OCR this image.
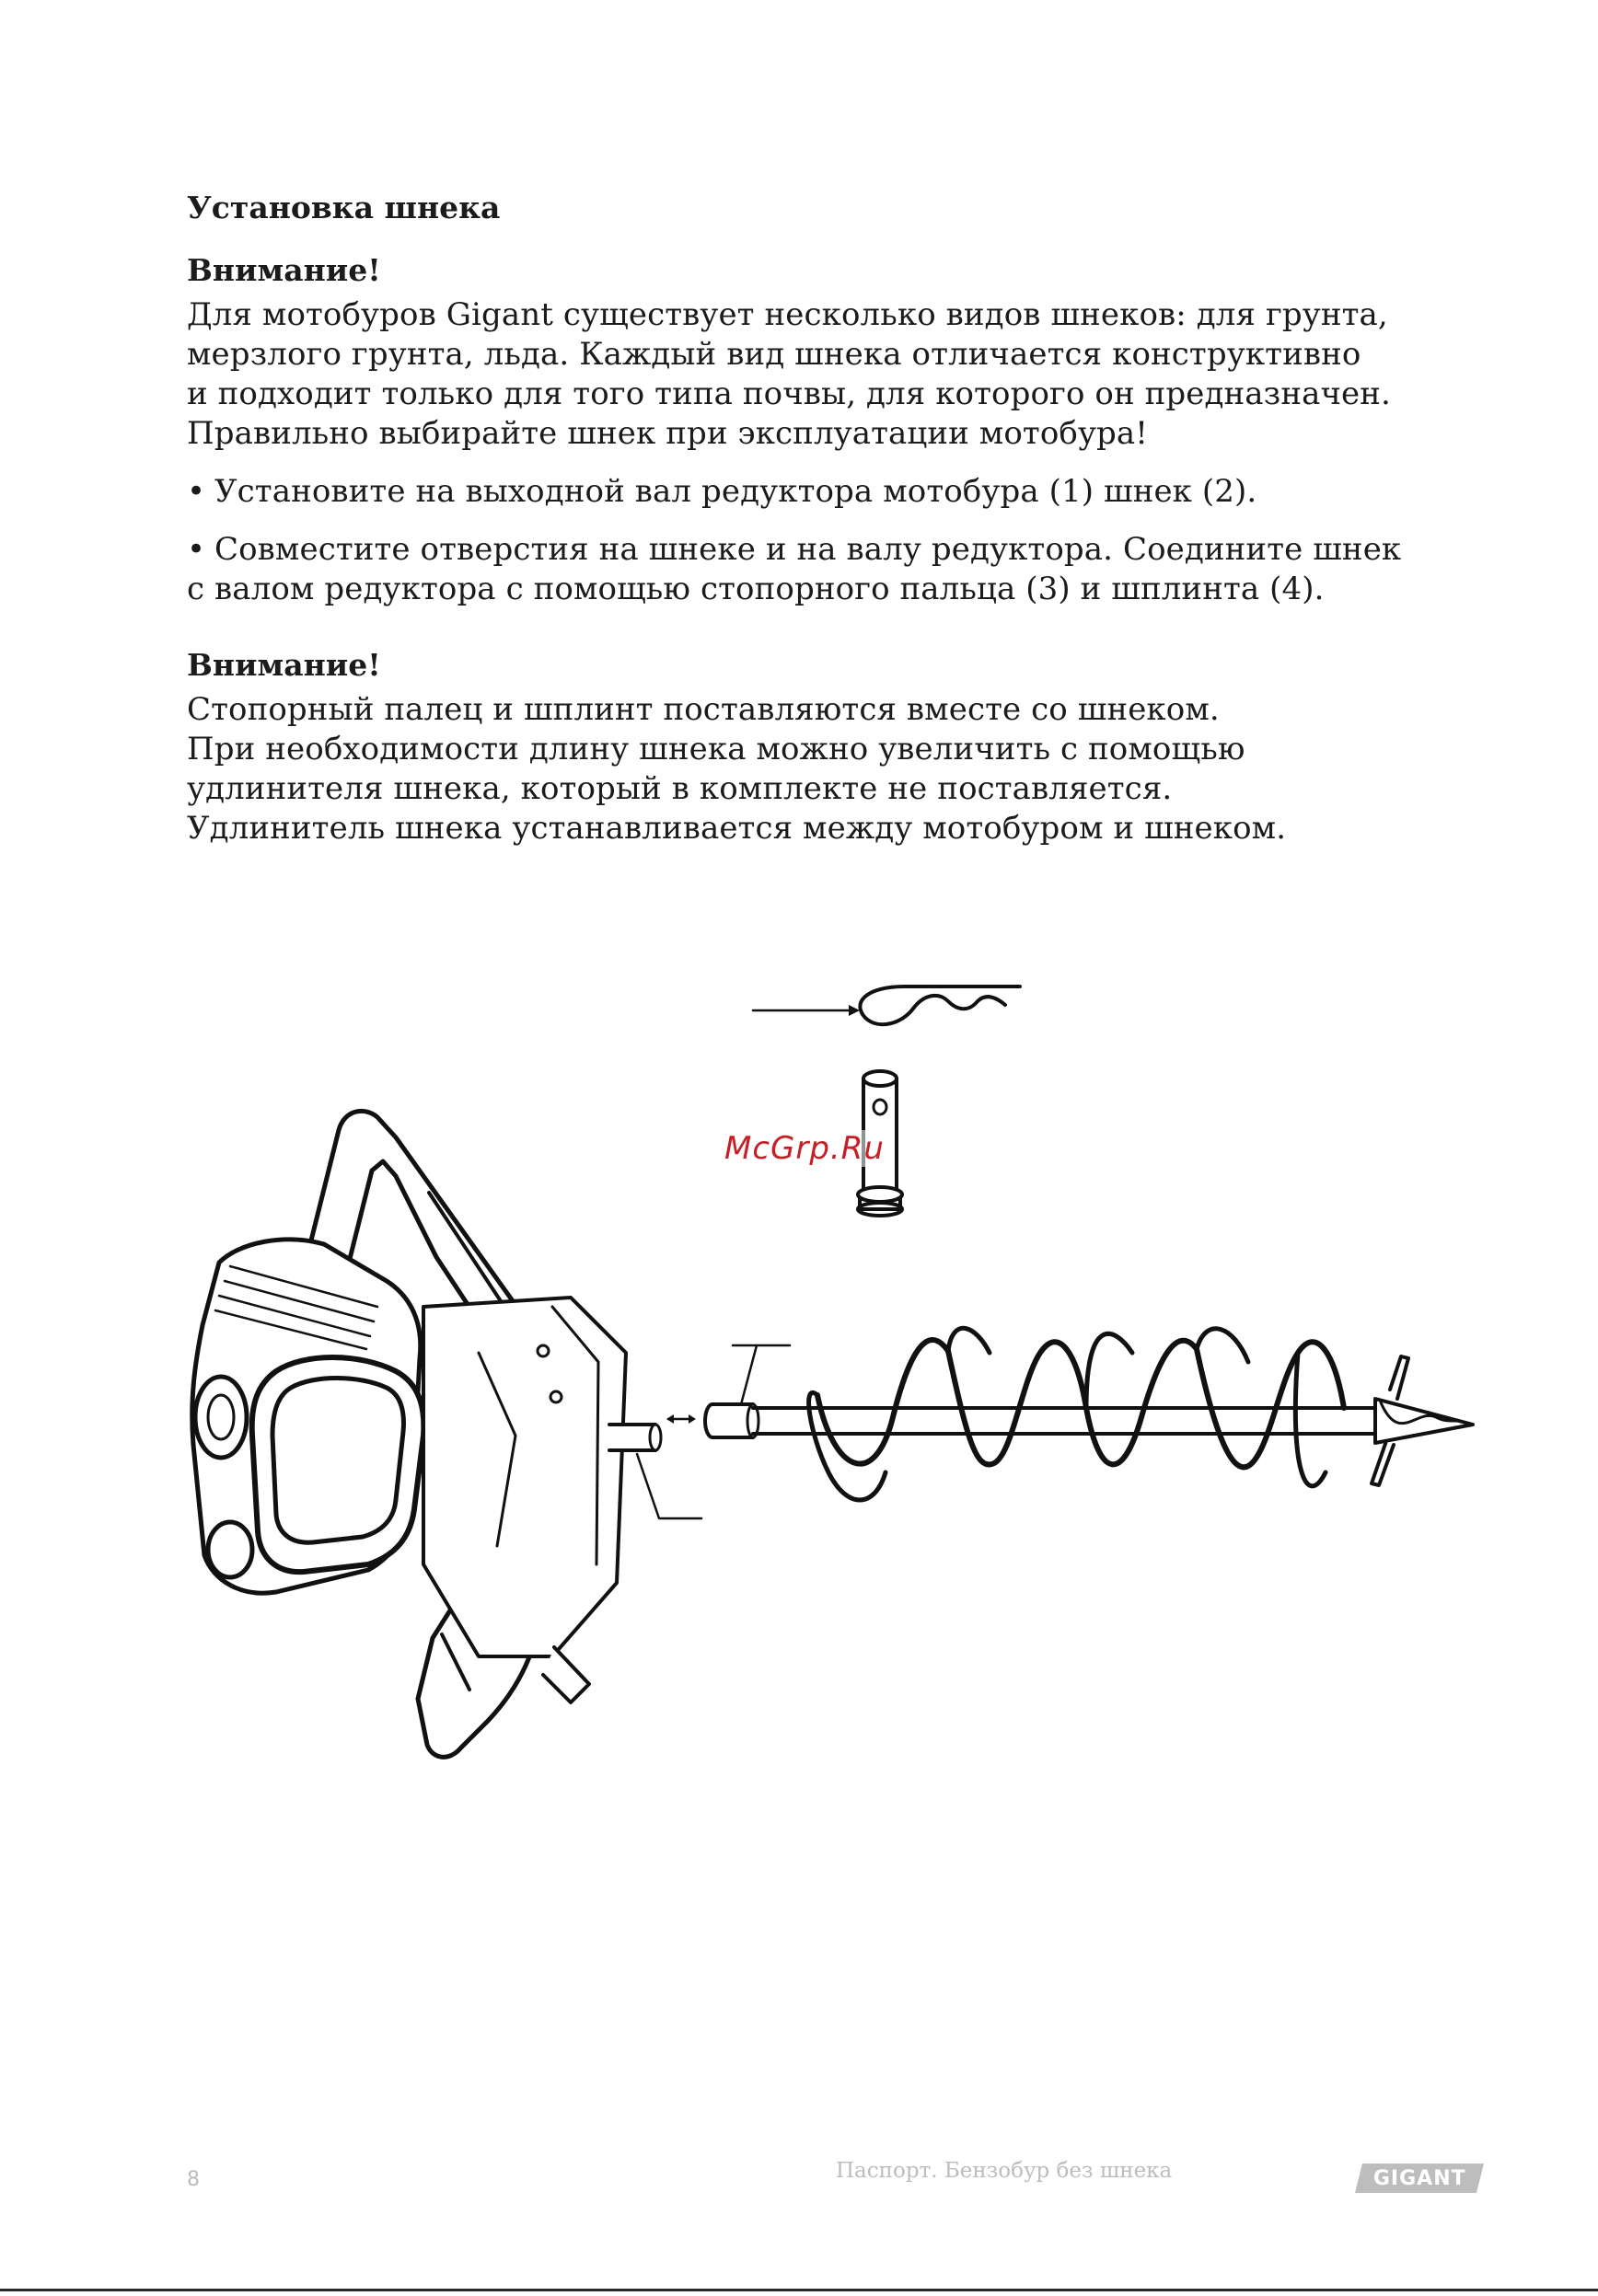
Установка шнека

Внимание!

Для мотобуров Gigant существует несколько видов шнеков: для грунта,

мерзлого грунта, льда. Каждый вид шнека отличается конструктивно

и подходит только для того типа почвы, для которого он предназначен.

Правильно выбирайте шнек при эксплуатации мотобура!

• Установите на выходной вал редуктора мотобура (1) шнек (2).

• Совместите отверстия на шнеке и на валу редуктора. Соедините шнек

с валом редуктора с помощью стопорного пальца (3) и шплинта (4).

Внимание!

Стопорный палец и шплинт поставляются вместе со шнеком.

При необходимости длину шнека можно увеличить с помощью

удлинителя шнека, который в комплекте не поставляется.

Удлинитель шнека устанавливается между мотобуром и шнеком.

McGrp.Ru
8	Паспорт. Бензобур без шнека	GIGANT
